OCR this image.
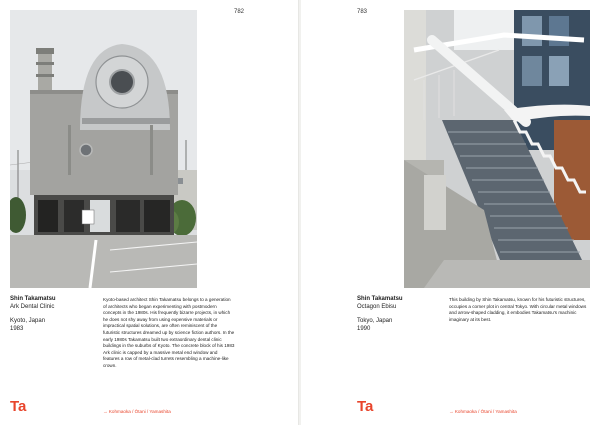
782
Shin Takamatsu
Ark Dental Clinic
Kyoto, Japan
1983
Kyoto-based architect Shin Takamatsu belongs to a generation of architects who began experimenting with postmodern concepts in the 1980s. His frequently bizarre projects, in which he does not shy away from using expensive materials or impractical spatial solutions, are often reminiscent of the futuristic structures dreamed up by science fiction authors. In the early 1980s Takamatsu built two extraordinary dental clinic buildings in the suburbs of Kyoto. The concrete block of his 1983 Ark clinic is capped by a massive metal end window and features a row of metal-clad turrets resembling a machine-like crown.
Ta	→ Kohmaoka / Ōtani / Yamashita
783
Shin Takamatsu
Octagon Ebisu
Tokyo, Japan
1990
This building by Shin Takamatsu, known for his futuristic structures, occupies a corner plot in central Tokyo. With circular metal windows and arrow-shaped cladding, it embodies Takamatsu's machinic imaginary at its best.
Ta	→ Kohmaoka / Ōtani / Yamashita
